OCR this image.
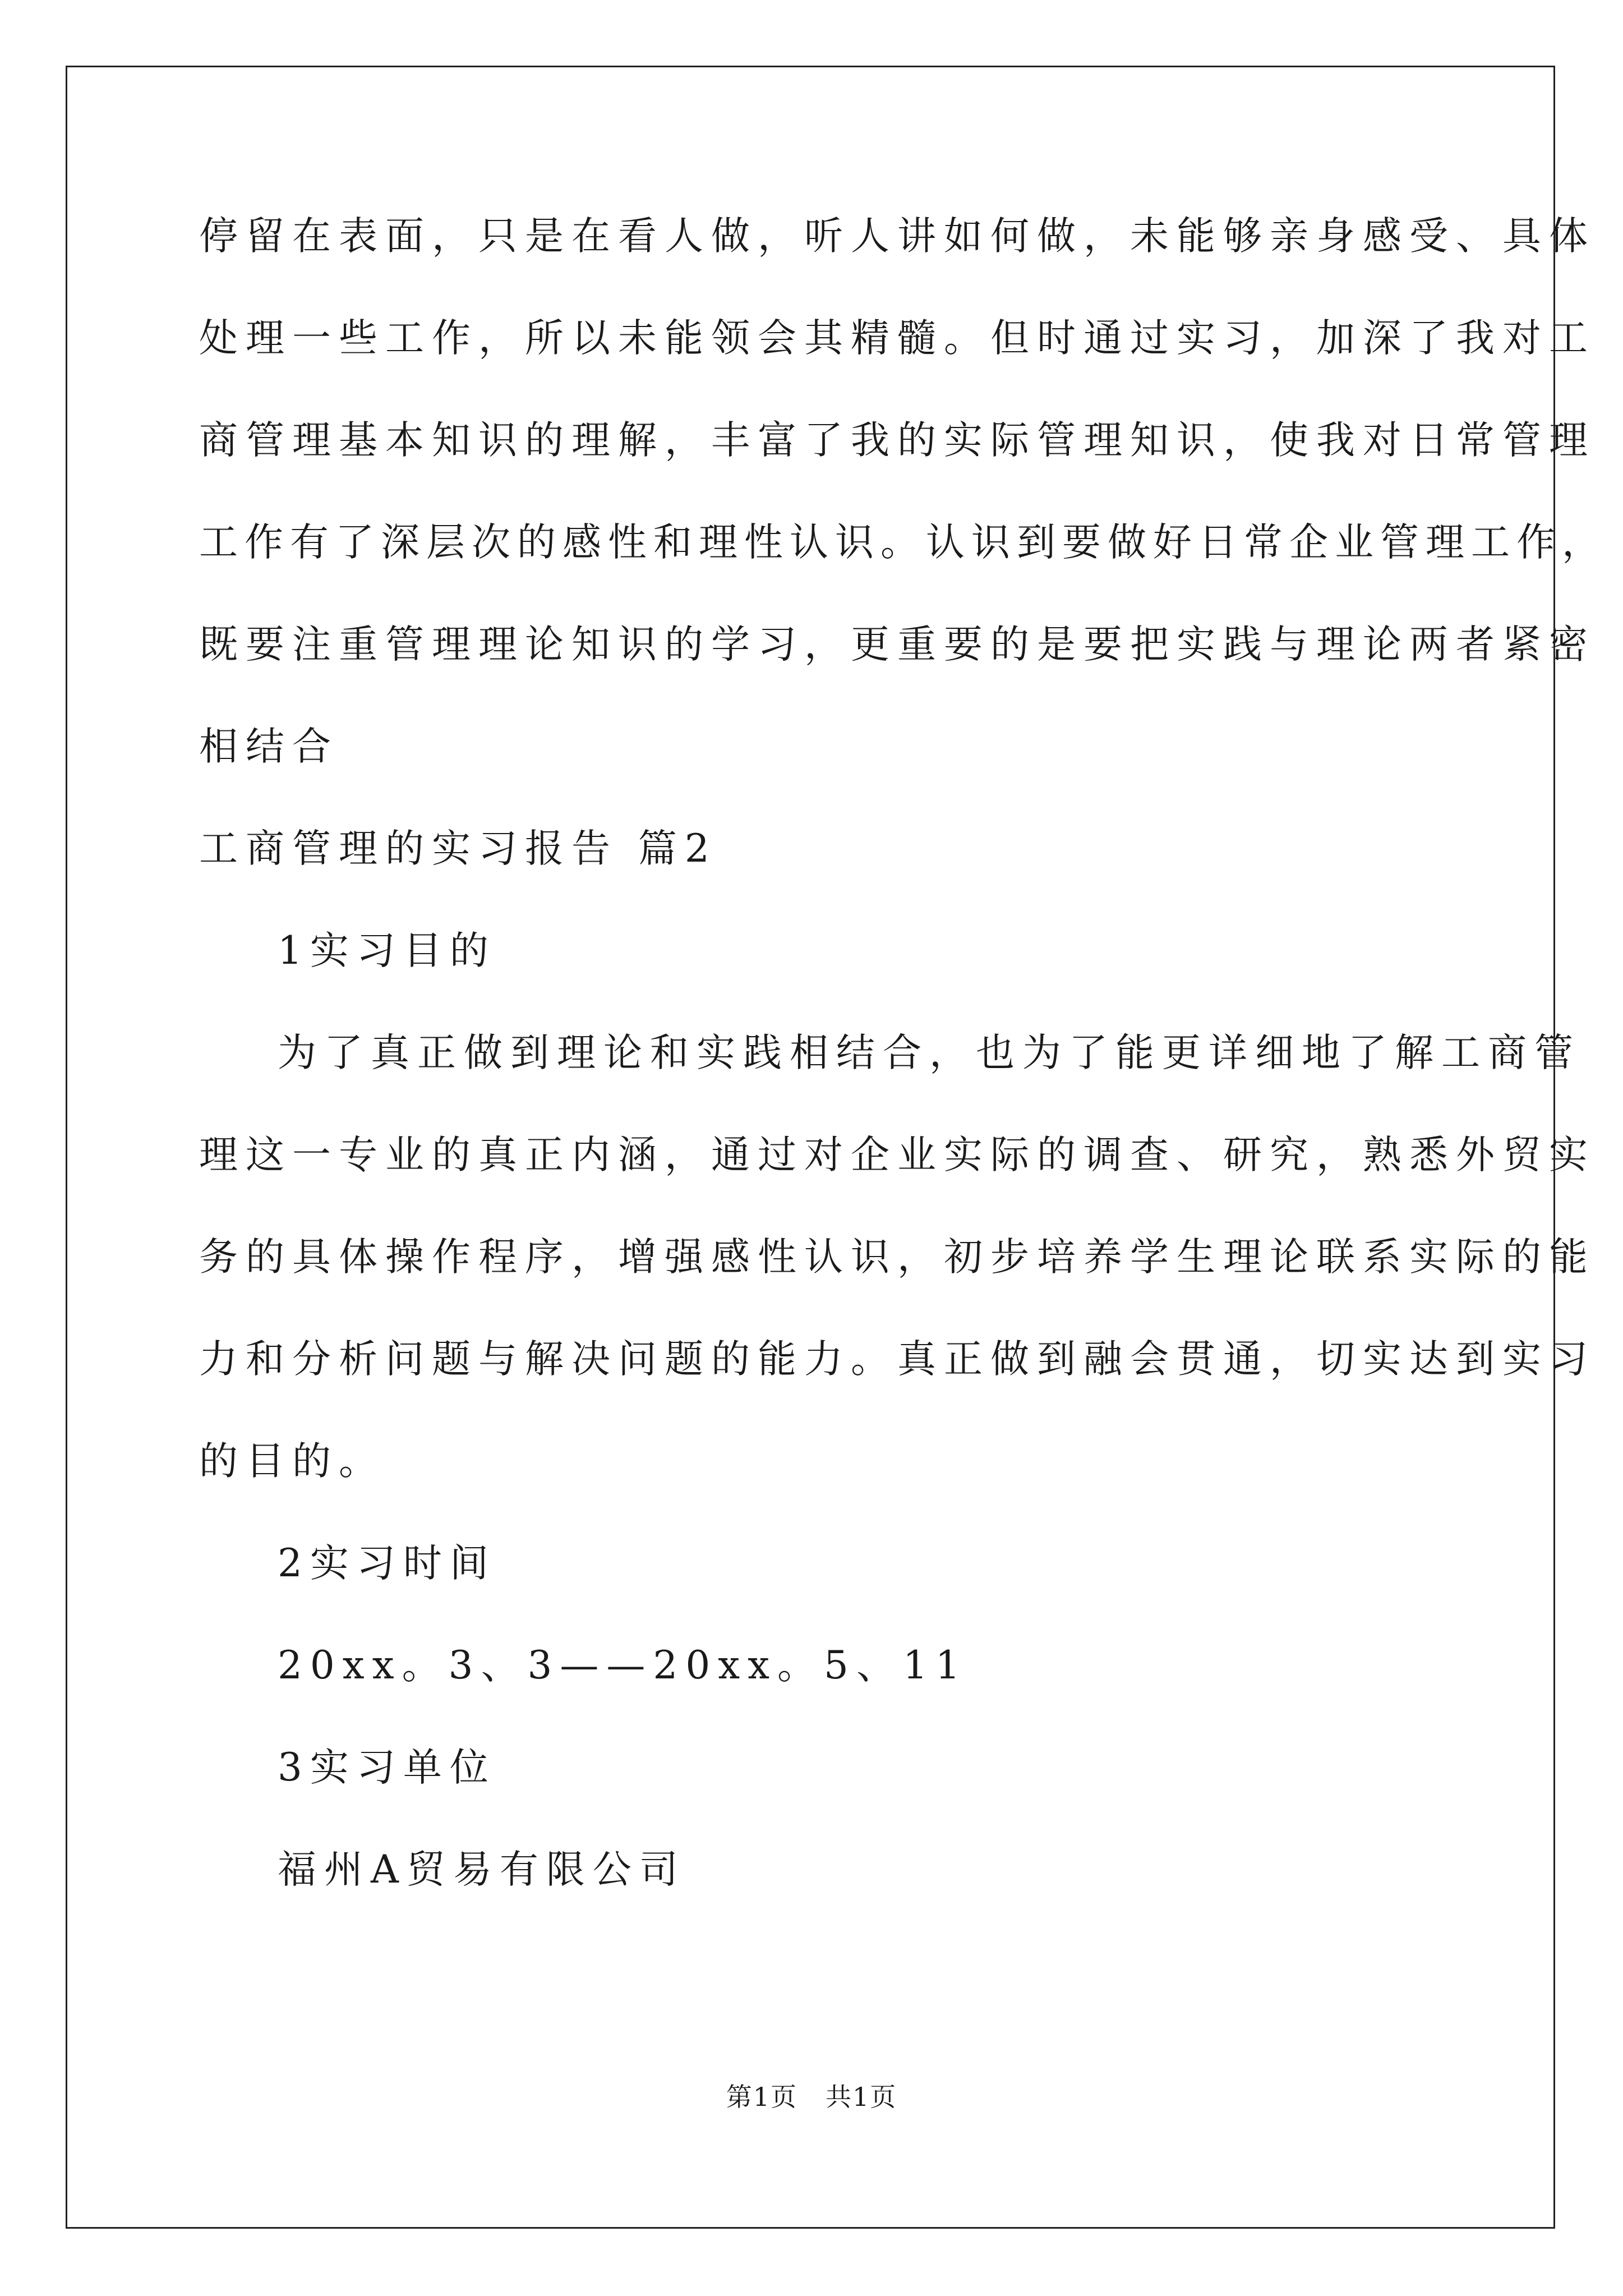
停留在表面，只是在看人做，听人讲如何做，未能够亲身感受、具体
处理一些工作，所以未能领会其精髓。但时通过实习，加深了我对工
商管理基本知识的理解，丰富了我的实际管理知识，使我对日常管理
工作有了深层次的感性和理性认识。认识到要做好日常企业管理工作，
既要注重管理理论知识的学习，更重要的是要把实践与理论两者紧密
相结合
工商管理的实习报告 篇2
1实习目的
为了真正做到理论和实践相结合，也为了能更详细地了解工商管
理这一专业的真正内涵，通过对企业实际的调查、研究，熟悉外贸实
务的具体操作程序，增强感性认识，初步培养学生理论联系实际的能
力和分析问题与解决问题的能力。真正做到融会贯通，切实达到实习
的目的。
2实习时间
20xx。3、3——20xx。5、11
3实习单位
福州A贸易有限公司
第1页 共1页
